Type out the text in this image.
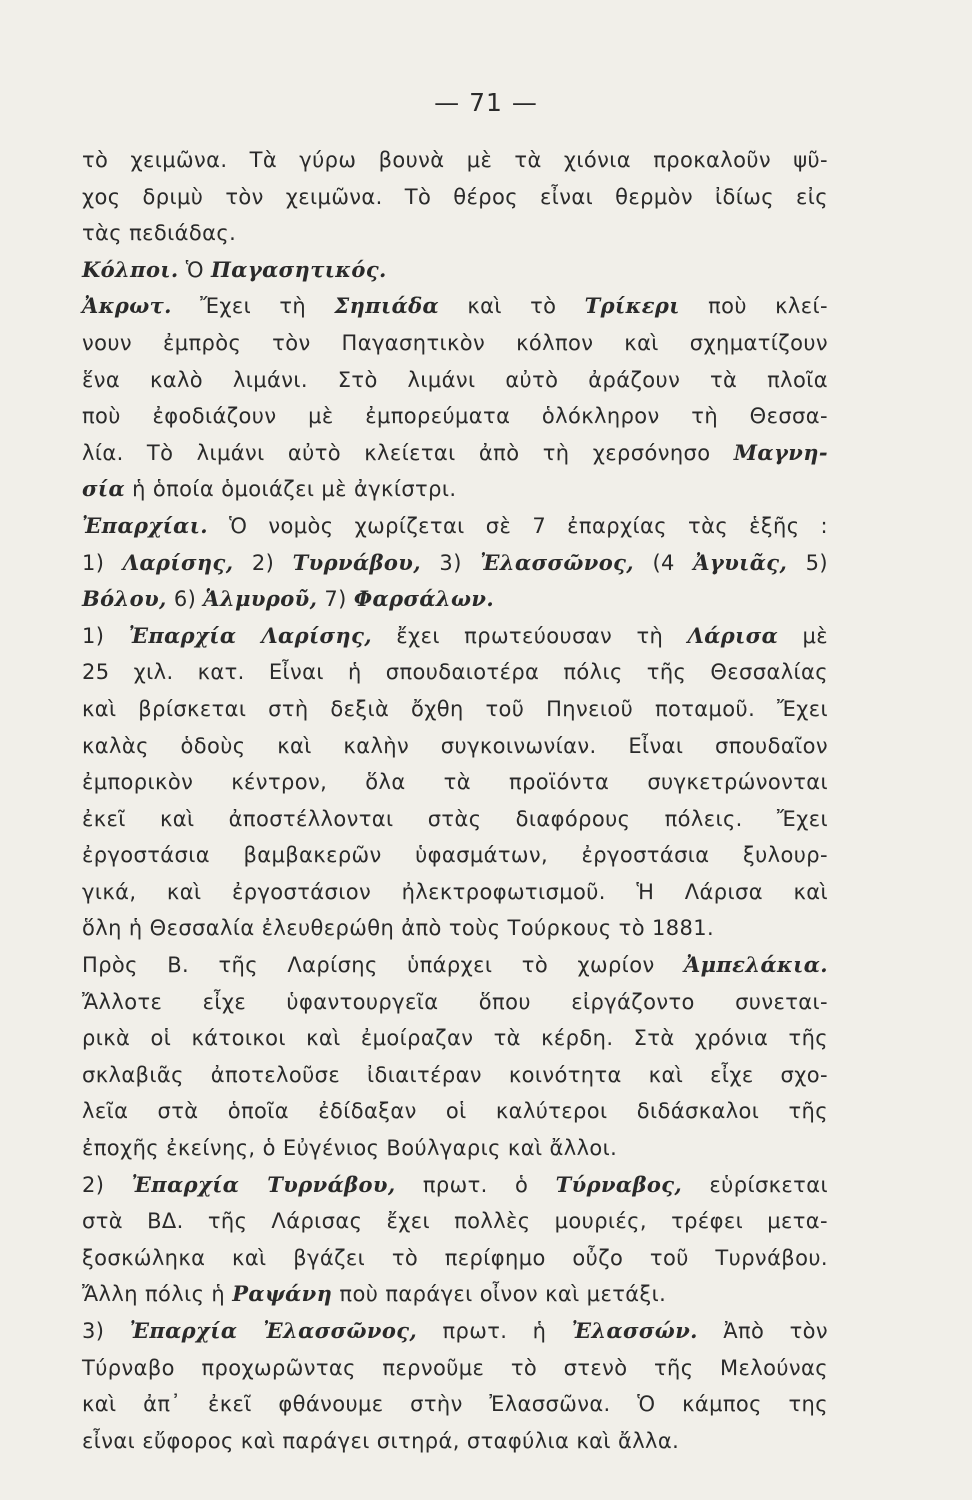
— 71 —
τὸ χειμῶνα. Τὰ γύρω βουνὰ μὲ τὰ χιόνια προκαλοῦν ψῦ-
χος δριμὺ τὸν χειμῶνα. Τὸ θέρος εἶναι θερμὸν ἰδίως εἰς
τὰς πεδιάδας.
Κόλποι. Ὁ Παγασητικός.
Ἀκρωτ. Ἔχει τὴ Σηπιάδα καὶ τὸ Τρίκερι ποὺ κλεί-
νουν ἐμπρὸς τὸν Παγασητικὸν κόλπον καὶ σχηματίζουν
ἕνα καλὸ λιμάνι. Στὸ λιμάνι αὐτὸ ἀράζουν τὰ πλοῖα
ποὺ ἐφοδιάζουν μὲ ἐμπορεύματα ὁλόκληρον τὴ Θεσσα-
λία. Τὸ λιμάνι αὐτὸ κλείεται ἀπὸ τὴ χερσόνησο Μαγνη-
σία ἡ ὁποία ὁμοιάζει μὲ ἀγκίστρι.
Ἐπαρχίαι. Ὁ νομὸς χωρίζεται σὲ 7 ἐπαρχίας τὰς ἑξῆς :
1) Λαρίσης, 2) Τυρνάβου, 3) Ἐλασσῶνος, (4 Ἀγυιᾶς, 5)
Βόλου, 6) Ἁλμυροῦ, 7) Φαρσάλων.
1) Ἐπαρχία Λαρίσης, ἔχει πρωτεύουσαν τὴ Λάρισα μὲ
25 χιλ. κατ. Εἶναι ἡ σπουδαιοτέρα πόλις τῆς Θεσσαλίας
καὶ βρίσκεται στὴ δεξιὰ ὄχθη τοῦ Πηνειοῦ ποταμοῦ. Ἔχει
καλὰς ὁδοὺς καὶ καλὴν συγκοινωνίαν. Εἶναι σπουδαῖον
ἐμπορικὸν κέντρον, ὅλα τὰ προϊόντα συγκετρώνονται
ἐκεῖ καὶ ἀποστέλλονται στὰς διαφόρους πόλεις. Ἔχει
ἐργοστάσια βαμβακερῶν ὑφασμάτων, ἐργοστάσια ξυλουρ-
γικά, καὶ ἐργοστάσιον ἠλεκτροφωτισμοῦ. Ἡ Λάρισα καὶ
ὅλη ἡ Θεσσαλία ἐλευθερώθη ἀπὸ τοὺς Τούρκους τὸ 1881.
Πρὸς Β. τῆς Λαρίσης ὑπάρχει τὸ χωρίον Ἀμπελάκια.
Ἄλλοτε εἶχε ὑφαντουργεῖα ὅπου εἰργάζοντο συνεται-
ρικὰ οἱ κάτοικοι καὶ ἐμοίραζαν τὰ κέρδη. Στὰ χρόνια τῆς
σκλαβιᾶς ἀποτελοῦσε ἰδιαιτέραν κοινότητα καὶ εἶχε σχο-
λεῖα στὰ ὁποῖα ἐδίδαξαν οἱ καλύτεροι διδάσκαλοι τῆς
ἐποχῆς ἐκείνης, ὁ Εὐγένιος Βούλγαρις καὶ ἄλλοι.
2) Ἐπαρχία Τυρνάβου, πρωτ. ὁ Τύρναβος, εὑρίσκεται
στὰ ΒΔ. τῆς Λάρισας ἔχει πολλὲς μουριές, τρέφει μετα-
ξοσκώληκα καὶ βγάζει τὸ περίφημο οὖζο τοῦ Τυρνάβου.
Ἄλλη πόλις ἡ Ραψάνη ποὺ παράγει οἶνον καὶ μετάξι.
3) Ἐπαρχία Ἐλασσῶνος, πρωτ. ἡ Ἐλασσών. Ἀπὸ τὸν
Τύρναβο προχωρῶντας περνοῦμε τὸ στενὸ τῆς Μελούνας
καὶ ἀπ᾽ ἐκεῖ φθάνουμε στὴν Ἐλασσῶνα. Ὁ κάμπος της
εἶναι εὔφορος καὶ παράγει σιτηρά, σταφύλια καὶ ἄλλα.
